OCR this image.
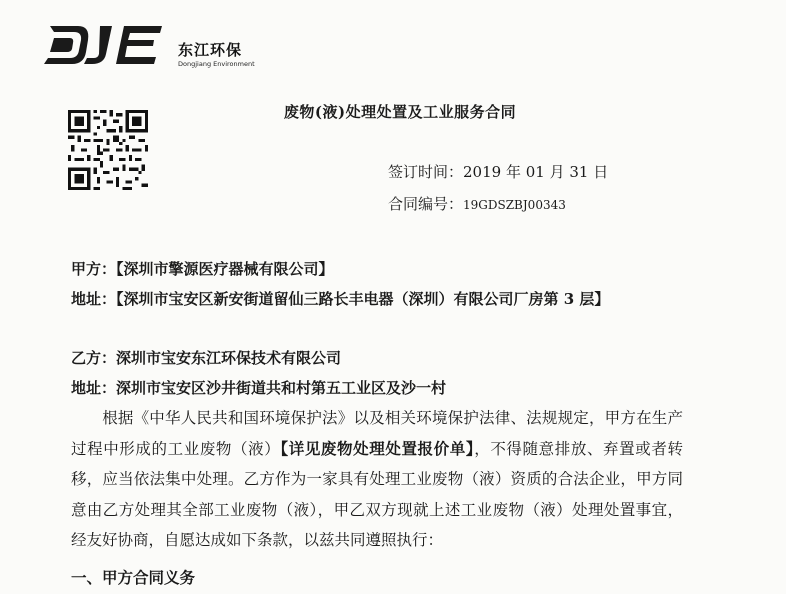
东江环保
Dongjiang Environment
废物(液)处理处置及工业服务合同
签订时间：2019 年 01 月 31 日
合同编号：19GDSZBJ00343
甲方：【深圳市擎源医疗器械有限公司】
地址：【深圳市宝安区新安街道留仙三路长丰电器（深圳）有限公司厂房第 3 层】
乙方：深圳市宝安东江环保技术有限公司
地址：深圳市宝安区沙井街道共和村第五工业区及沙一村
根据《中华人民共和国环境保护法》以及相关环境保护法律、法规规定，甲方在生产过程中形成的工业废物（液）【详见废物处理处置报价单】，不得随意排放、弃置或者转移，应当依法集中处理。乙方作为一家具有处理工业废物（液）资质的合法企业，甲方同意由乙方处理其全部工业废物（液），甲乙双方现就上述工业废物（液）处理处置事宜，经友好协商，自愿达成如下条款，以兹共同遵照执行：
一、甲方合同义务
